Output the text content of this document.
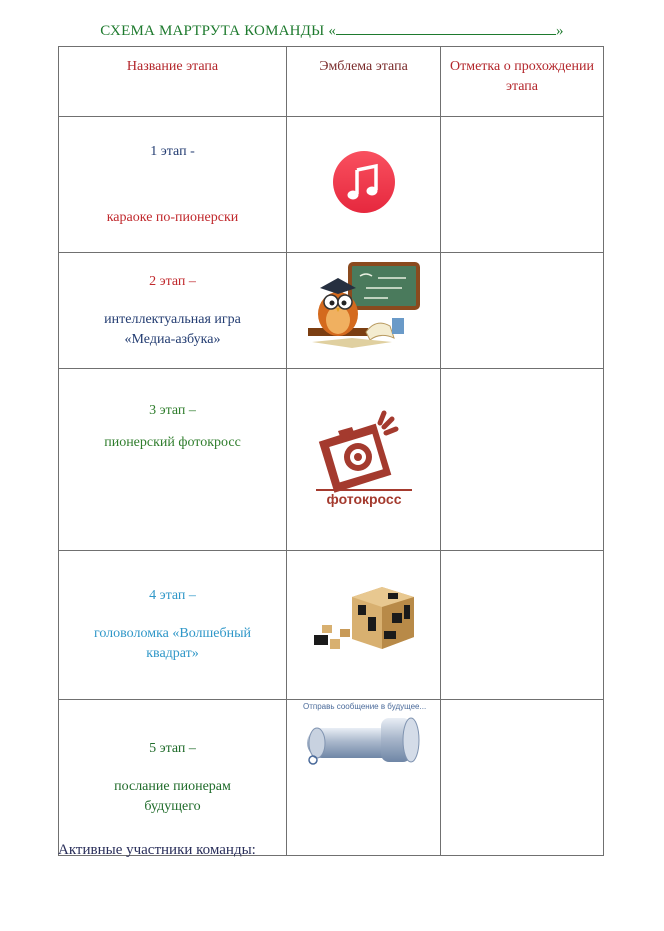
СХЕМА МАРТРУТА КОМАНДЫ «	»
Название этапа	Эмблема этапа	Отметка о прохождении этапа

1 этап -
караоке по-пионерски

2 этап –
интеллектуальная игра «Медиа-азбука»

3 этап –
пионерский фотокросс	фотокросс	

4 этап –
головоломка «Волшебный квадрат»

5 этап –
послание пионерам будущего	Отправь сообщение в будущее...	

Активные участники команды:
